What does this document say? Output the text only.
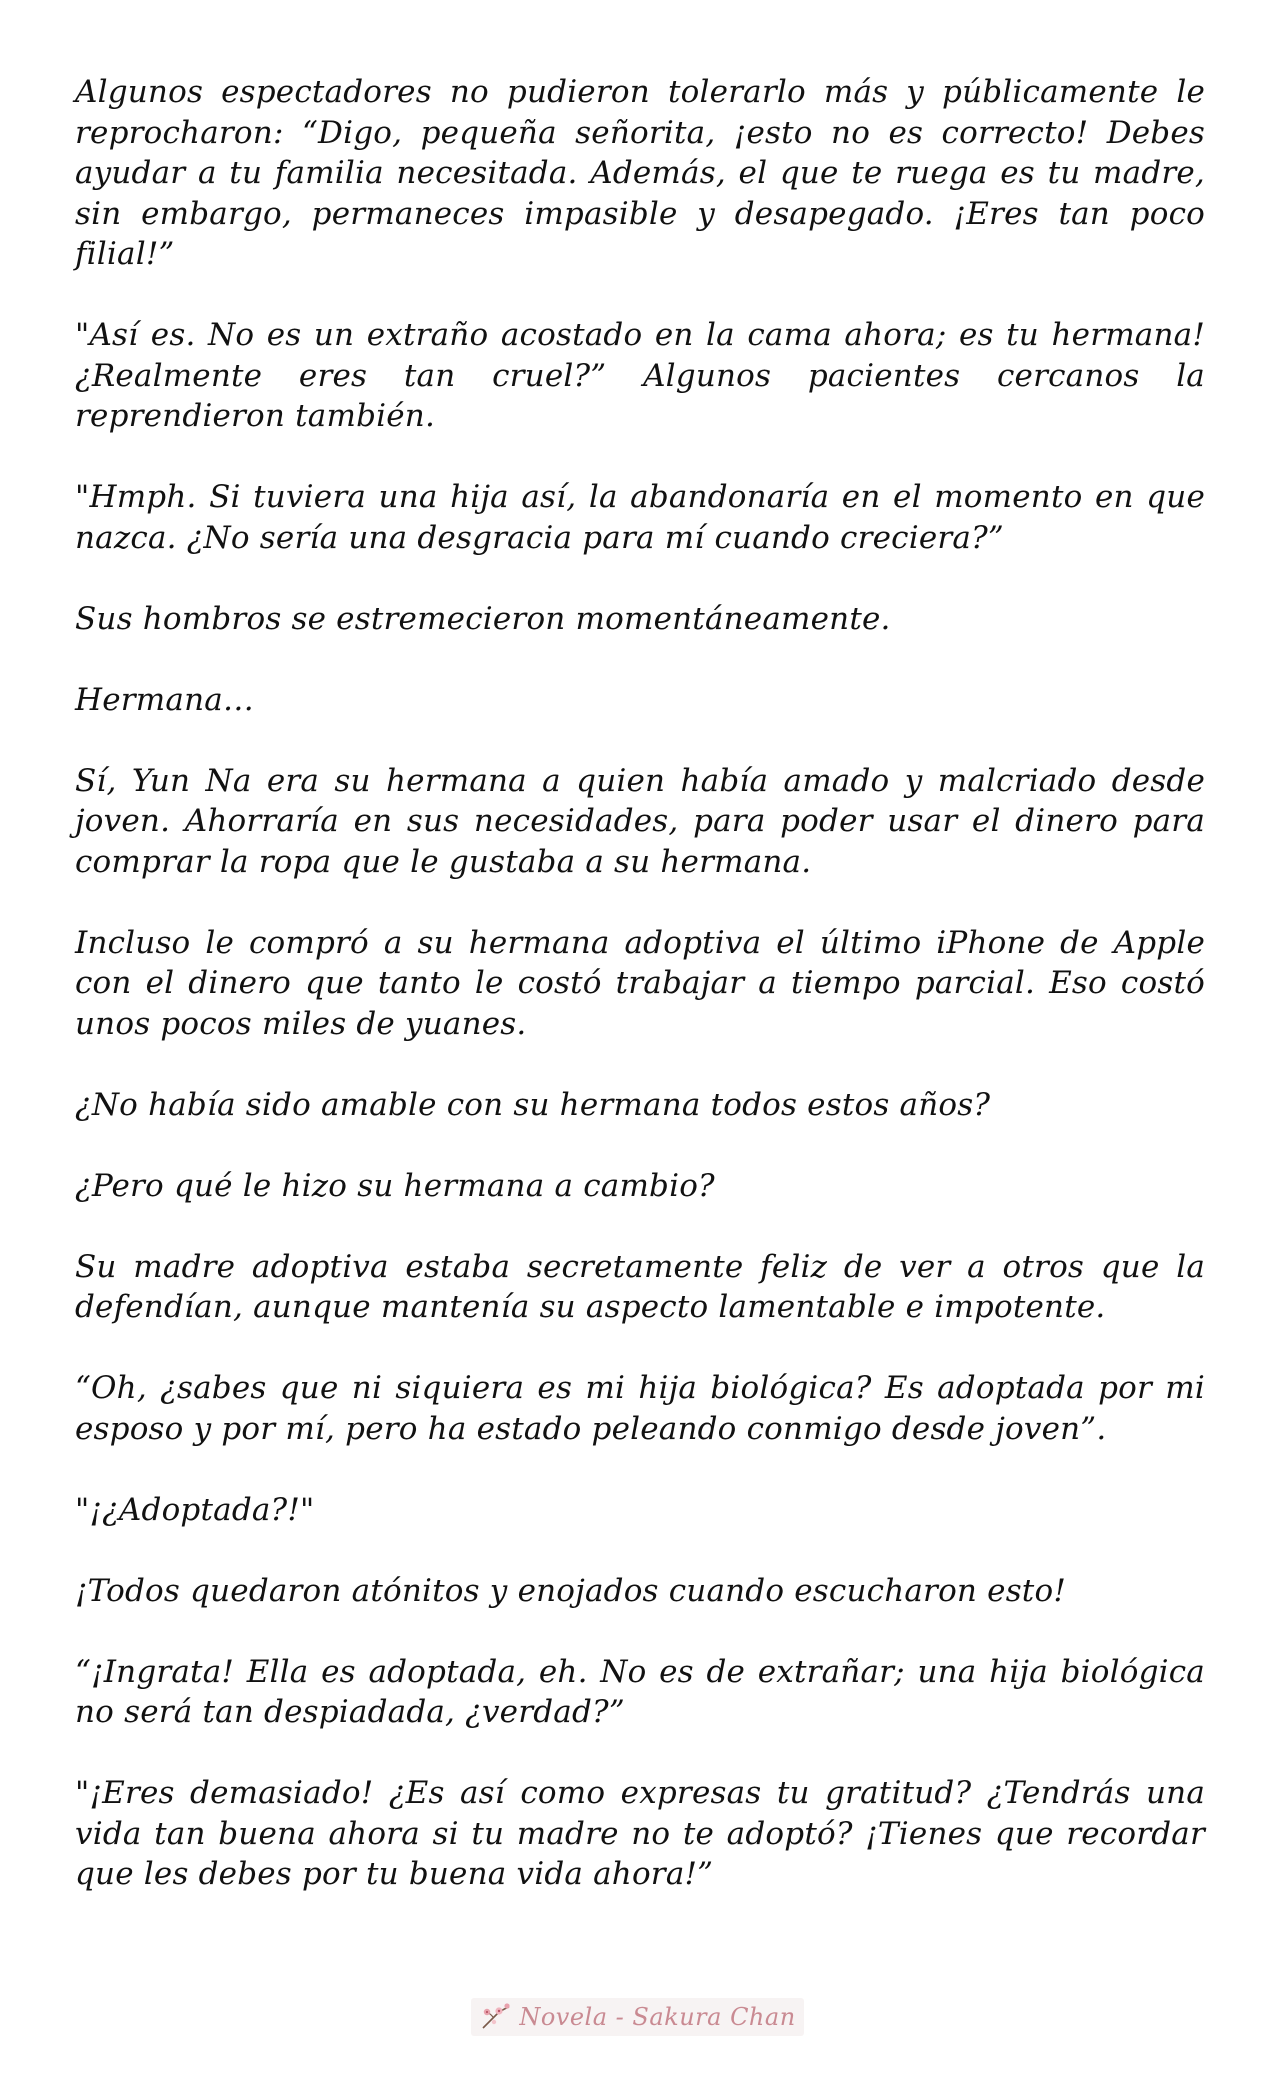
Algunos espectadores no pudieron tolerarlo más y públicamente le reprocharon: “Digo, pequeña señorita, ¡esto no es correcto! Debes ayudar a tu familia necesitada. Además, el que te ruega es tu madre, sin embargo, permaneces impasible y desapegado. ¡Eres tan poco filial!”

"Así es. No es un extraño acostado en la cama ahora; es tu hermana! ¿Realmente eres tan cruel?” Algunos pacientes cercanos la reprendieron también.

"Hmph. Si tuviera una hija así, la abandonaría en el momento en que nazca. ¿No sería una desgracia para mí cuando creciera?”

Sus hombros se estremecieron momentáneamente.

Hermana…

Sí, Yun Na era su hermana a quien había amado y malcriado desde joven. Ahorraría en sus necesidades, para poder usar el dinero para comprar la ropa que le gustaba a su hermana.

Incluso le compró a su hermana adoptiva el último iPhone de Apple con el dinero que tanto le costó trabajar a tiempo parcial. Eso costó unos pocos miles de yuanes.

¿No había sido amable con su hermana todos estos años?

¿Pero qué le hizo su hermana a cambio?

Su madre adoptiva estaba secretamente feliz de ver a otros que la defendían, aunque mantenía su aspecto lamentable e impotente.

“Oh, ¿sabes que ni siquiera es mi hija biológica? Es adoptada por mi esposo y por mí, pero ha estado peleando conmigo desde joven”.

"¡¿Adoptada?!"

¡Todos quedaron atónitos y enojados cuando escucharon esto!

“¡Ingrata! Ella es adoptada, eh. No es de extrañar; una hija biológica no será tan despiadada, ¿verdad?”

"¡Eres demasiado! ¿Es así como expresas tu gratitud? ¿Tendrás una vida tan buena ahora si tu madre no te adoptó? ¡Tienes que recordar que les debes por tu buena vida ahora!”

Novela - Sakura Chan
